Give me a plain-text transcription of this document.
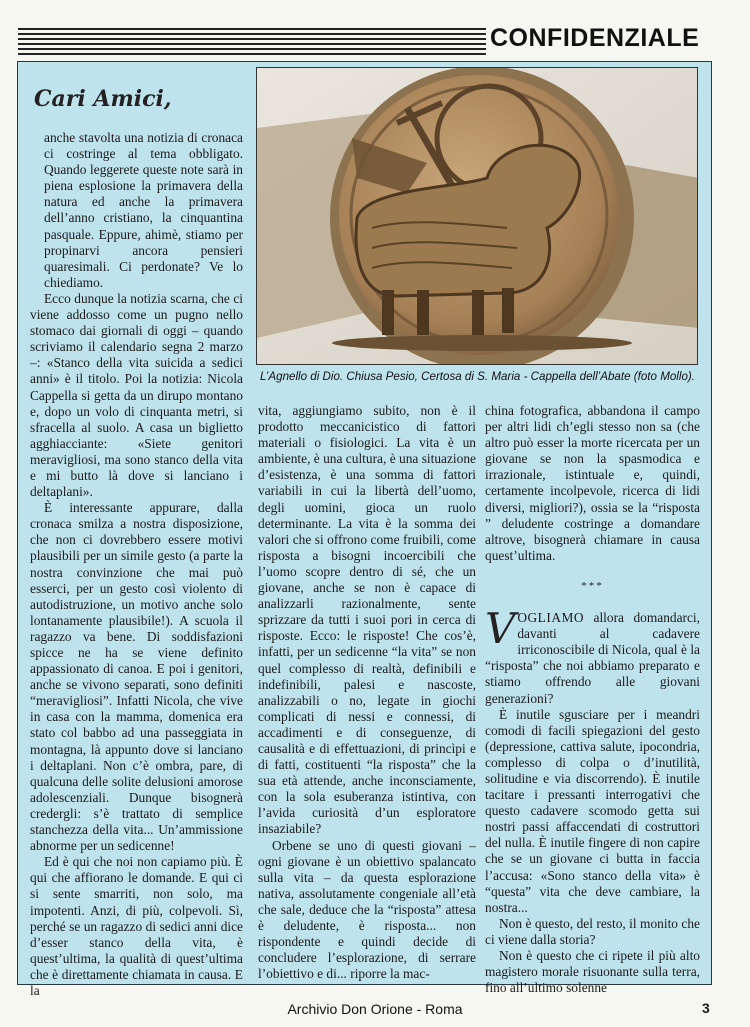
CONFIDENZIALE
L’Agnello di Dio. Chiusa Pesio, Certosa di S. Maria - Cappella dell’Abate (foto Mollo).
Cari Amici,

anche stavolta una notizia di cronaca ci costringe al tema obbligato. Quando leggerete queste note sarà in piena esplosione la primavera della natura ed anche la primavera dell’anno cristiano, la cinquantina pasquale. Eppure, ahimè, stiamo per propinarvi ancora pensieri quaresimali. Ci perdonate? Ve lo chiediamo.

Ecco dunque la notizia scarna, che ci viene addosso come un pugno nello stomaco dai giornali di oggi – quando scriviamo il calendario segna 2 marzo –: «Stanco della vita suicida a sedici anni» è il titolo. Poi la notizia: Nicola Cappella si getta da un dirupo montano e, dopo un volo di cinquanta metri, si sfracella al suolo. A casa un biglietto agghiacciante: «Siete genitori meravigliosi, ma sono stanco della vita e mi butto là dove si lanciano i deltaplani».

È interessante appurare, dalla cronaca smilza a nostra disposizione, che non ci dovrebbero essere motivi plausibili per un simile gesto (a parte la nostra convinzione che mai può esserci, per un gesto così violento di autodistruzione, un motivo anche solo lontanamente plausibile!). A scuola il ragazzo va bene. Di soddisfazioni spicce ne ha se viene definito appassionato di canoa. E poi i genitori, anche se vivono separati, sono definiti “meravigliosi”. Infatti Nicola, che vive in casa con la mamma, domenica era stato col babbo ad una passeggiata in montagna, là appunto dove si lanciano i deltaplani. Non c’è ombra, pare, di qualcuna delle solite delusioni amorose adolescenziali. Dunque bisognerà credergli: s’è trattato di semplice stanchezza della vita... Un’ammissione abnorme per un sedicenne!

Ed è qui che noi non capiamo più. È qui che affiorano le domande. E qui ci si sente smarriti, non solo, ma impotenti. Anzi, di più, colpevoli. Sì, perché se un ragazzo di sedici anni dice d’esser stanco della vita, è quest’ultima, la qualità di quest’ultima che è direttamente chiamata in causa. E la

vita, aggiungiamo subito, non è il prodotto meccanicistico di fattori materiali o fisiologici. La vita è un ambiente, è una cultura, è una situazione d’esistenza, è una somma di fattori variabili in cui la libertà dell’uomo, degli uomini, gioca un ruolo determinante. La vita è la somma dei valori che si offrono come fruibili, come risposta a bisogni incoercibili che l’uomo scopre dentro di sé, che un giovane, anche se non è capace di analizzarli razionalmente, sente sprizzare da tutti i suoi pori in cerca di risposte. Ecco: le risposte! Che cos’è, infatti, per un sedicenne “la vita” se non quel complesso di realtà, definibili e indefinibili, palesi e nascoste, analizzabili o no, legate in giochi complicati di nessi e connessi, di accadimenti e di conseguenze, di causalità e di effettuazioni, di princìpi e di fatti, costituenti “la risposta” che la sua età attende, anche inconsciamente, con la sola esuberanza istintiva, con l’avida curiosità d’un esploratore insaziabile?

Orbene se uno di questi giovani – ogni giovane è un obiettivo spalancato sulla vita – da questa esplorazione nativa, assolutamente congeniale all’età che sale, deduce che la “risposta” attesa è deludente, è risposta... non rispondente e quindi decide di concludere l’esplorazione, di serrare l’obiettivo e di... riporre la mac-

china fotografica, abbandona il campo per altri lidi ch’egli stesso non sa (che altro può esser la morte ricercata per un giovane se non la spasmodica e irrazionale, istintuale e, quindi, certamente incolpevole, ricerca di lidi diversi, migliori?), ossia se la “risposta ” deludente costringe a domandare altrove, bisognerà chiamare in causa quest’ultima.

***

VOGLIAMO allora domandarci, davanti al cadavere irriconoscibile di Nicola, qual è la “risposta” che noi abbiamo preparato e stiamo offrendo alle giovani generazioni?

È inutile sgusciare per i meandri comodi di facili spiegazioni del gesto (depressione, cattiva salute, ipocondria, complesso di colpa o d’inutilità, solitudine e via discorrendo). È inutile tacitare i pressanti interrogativi che questo cadavere scomodo getta sui nostri passi affaccendati di costruttori del nulla. È inutile fingere di non capire che se un giovane ci butta in faccia l’accusa: «Sono stanco della vita» è “questa” vita che deve cambiare, la nostra...

Non è questo, del resto, il monito che ci viene dalla storia?

Non è questo che ci ripete il più alto magistero morale risuonante sulla terra, fino all’ultimo solenne

Archivio Don Orione - Roma	3
